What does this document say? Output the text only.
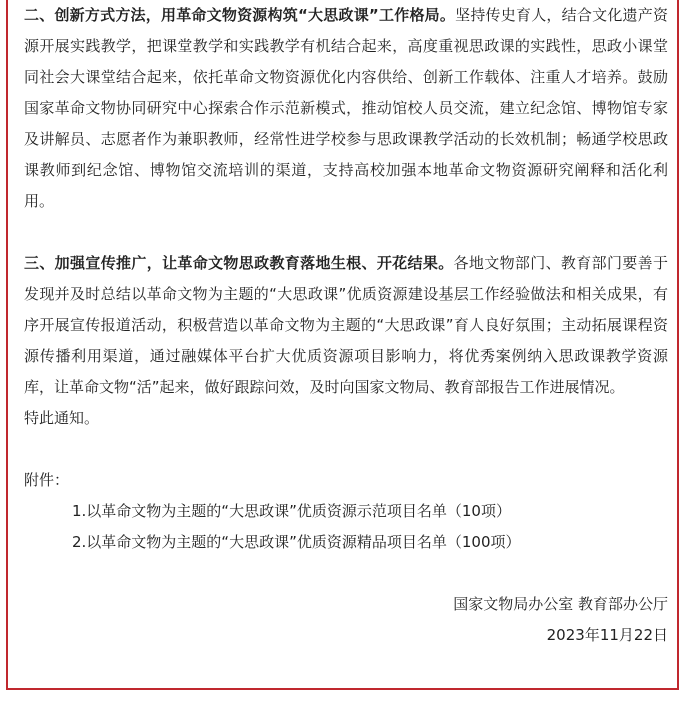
二、创新方式方法，用革命文物资源构筑“大思政课”工作格局。坚持传史育人，结合文化遗产资源开展实践教学，把课堂教学和实践教学有机结合起来，高度重视思政课的实践性，思政小课堂同社会大课堂结合起来，依托革命文物资源优化内容供给、创新工作载体、注重人才培养。鼓励国家革命文物协同研究中心探索合作示范新模式，推动馆校人员交流，建立纪念馆、博物馆专家及讲解员、志愿者作为兼职教师，经常性进学校参与思政课教学活动的长效机制；畅通学校思政课教师到纪念馆、博物馆交流培训的渠道，支持高校加强本地革命文物资源研究阐释和活化利用。

三、加强宣传推广，让革命文物思政教育落地生根、开花结果。各地文物部门、教育部门要善于发现并及时总结以革命文物为主题的“大思政课”优质资源建设基层工作经验做法和相关成果，有序开展宣传报道活动，积极营造以革命文物为主题的“大思政课”育人良好氛围；主动拓展课程资源传播利用渠道，通过融媒体平台扩大优质资源项目影响力，将优秀案例纳入思政课教学资源库，让革命文物“活”起来，做好跟踪问效，及时向国家文物局、教育部报告工作进展情况。

特此通知。

附件：

1.以革命文物为主题的“大思政课”优质资源示范项目名单（10项）

2.以革命文物为主题的“大思政课”优质资源精品项目名单（100项）

国家文物局办公室 教育部办公厅

2023年11月22日
